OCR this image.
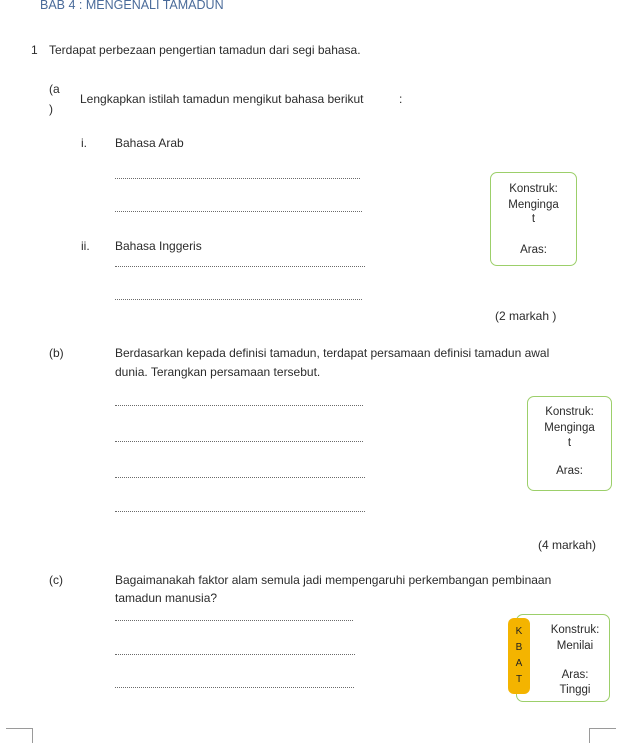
BAB 4 : MENGENALI TAMADUN
1 Terdapat perbezaan pengertian tamadun dari segi bahasa.
(a
)
Lengkapkan istilah tamadun mengikut bahasa berikut	:
i. Bahasa Arab
ii. Bahasa Inggeris
(2 markah )
Konstruk:
Menginga
t
Aras:
(b)	Berdasarkan kepada definisi tamadun, terdapat persamaan definisi tamadun awal
dunia. Terangkan persamaan tersebut.
Konstruk:
Menginga
t
Aras:
(4 markah)
(c)	Bagaimanakah faktor alam semula jadi mempengaruhi perkembangan pembinaan
tamadun manusia?
Konstruk:
Menilai
Aras:
Tinggi
K
B
A
T
